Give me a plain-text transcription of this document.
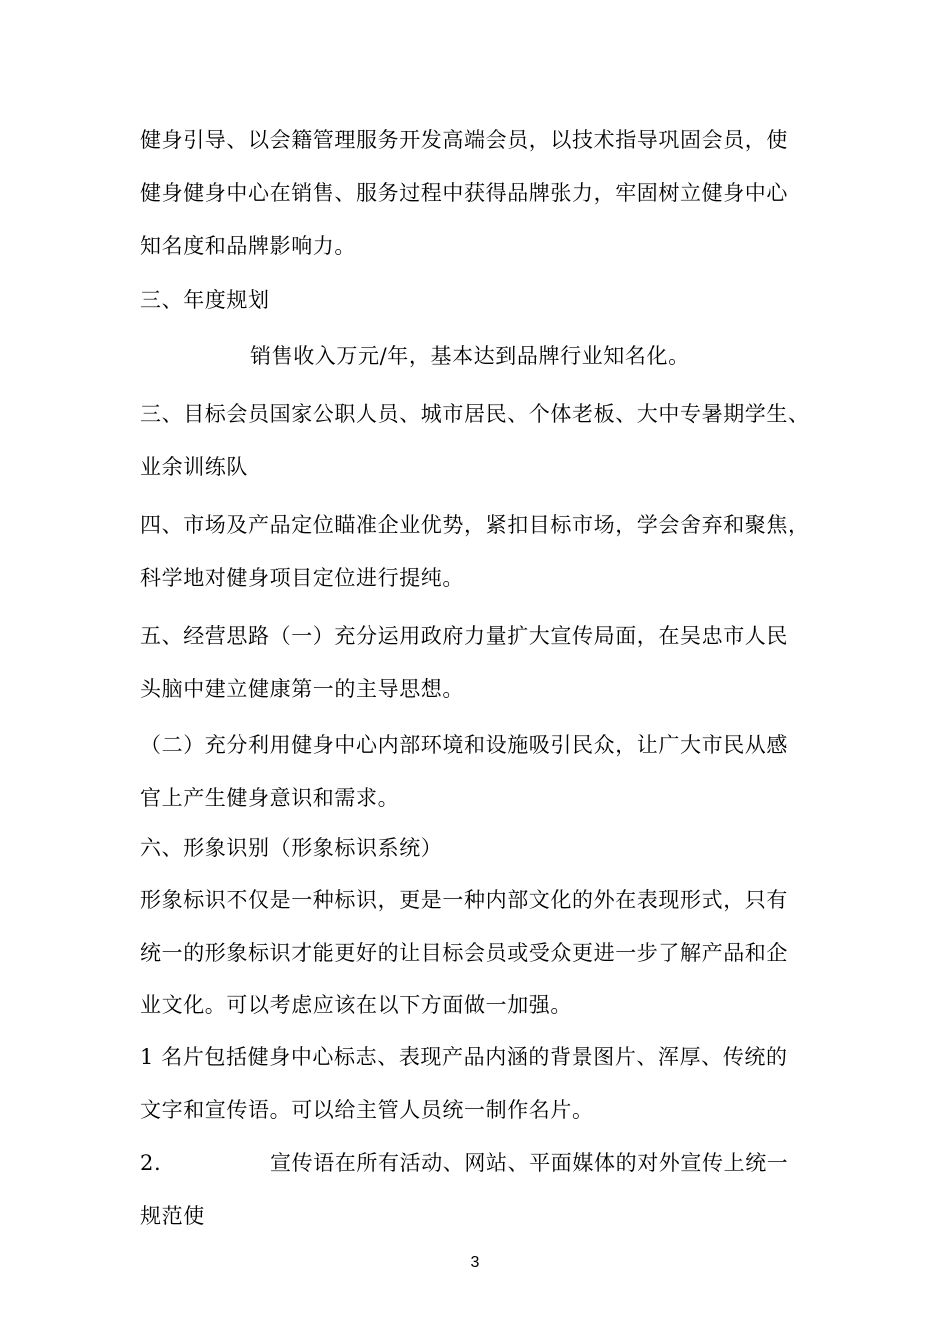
健身引导、以会籍管理服务开发高端会员，以技术指导巩固会员，使
健身健身中心在销售、服务过程中获得品牌张力，牢固树立健身中心
知名度和品牌影响力。
三、年度规划
销售收入万元/年，基本达到品牌行业知名化。
三、目标会员国家公职人员、城市居民、个体老板、大中专暑期学生、
业余训练队
四、市场及产品定位瞄准企业优势，紧扣目标市场，学会舍弃和聚焦，
科学地对健身项目定位进行提纯。
五、经营思路（一）充分运用政府力量扩大宣传局面，在吴忠市人民
头脑中建立健康第一的主导思想。
（二）充分利用健身中心内部环境和设施吸引民众，让广大市民从感
官上产生健身意识和需求。
六、形象识别（形象标识系统）
形象标识不仅是一种标识，更是一种内部文化的外在表现形式，只有
统一的形象标识才能更好的让目标会员或受众更进一步了解产品和企
业文化。可以考虑应该在以下方面做一加强。
1 名片包括健身中心标志、表现产品内涵的背景图片、浑厚、传统的
文字和宣传语。可以给主管人员统一制作名片。
2.	宣传语在所有活动、网站、平面媒体的对外宣传上统一
规范使
3
